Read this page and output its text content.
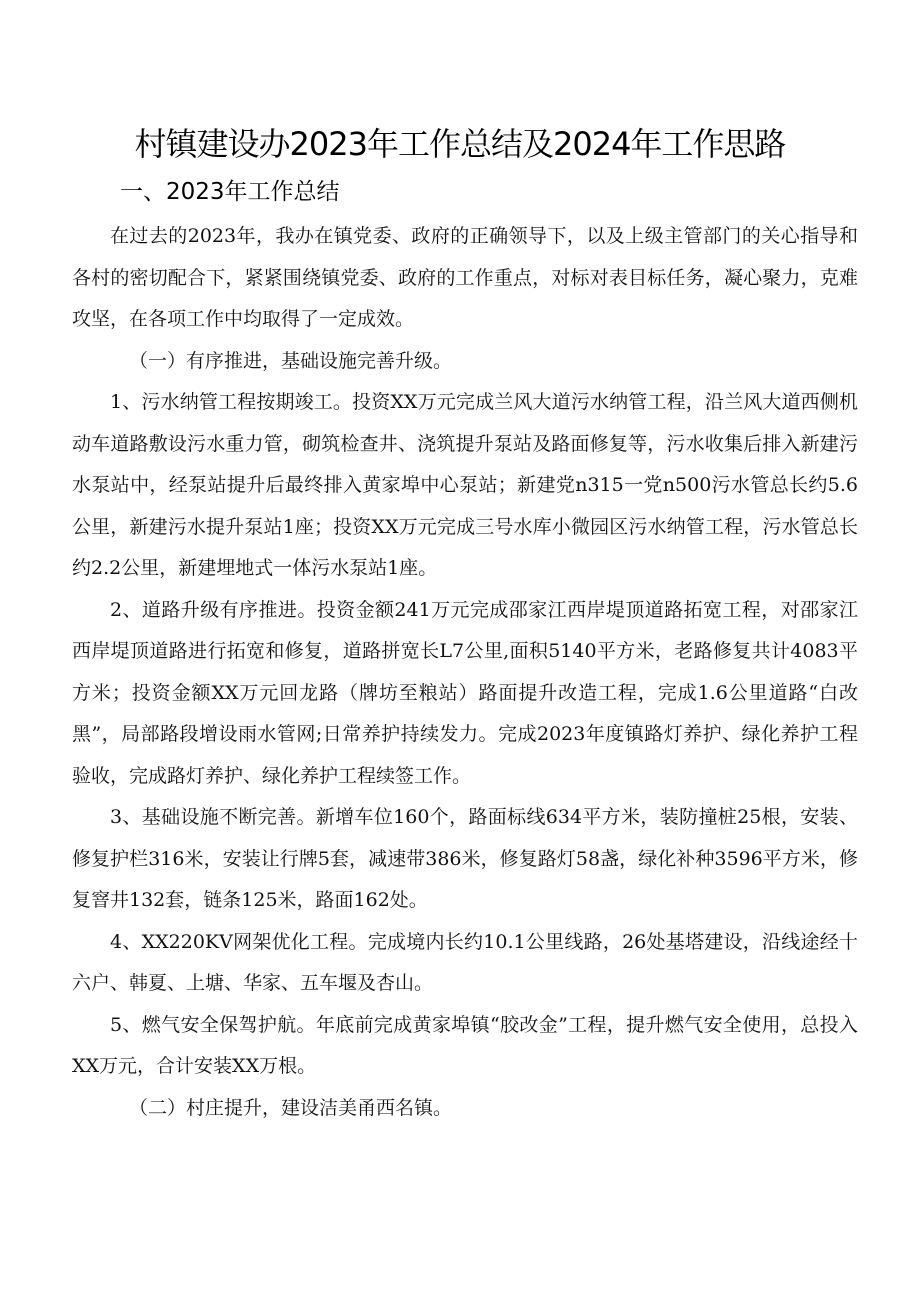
村镇建设办2023年工作总结及2024年工作思路
一、2023年工作总结

在过去的2023年，我办在镇党委、政府的正确领导下，以及上级主管部门的关心指导和各村的密切配合下，紧紧围绕镇党委、政府的工作重点，对标对表目标任务，凝心聚力，克难攻坚，在各项工作中均取得了一定成效。

（一）有序推进，基础设施完善升级。

1、污水纳管工程按期竣工。投资XX万元完成兰风大道污水纳管工程，沿兰风大道西侧机动车道路敷设污水重力管，砌筑检查井、浇筑提升泵站及路面修复等，污水收集后排入新建污水泵站中，经泵站提升后最终排入黄家埠中心泵站；新建党n315一党n500污水管总长约5.6公里，新建污水提升泵站1座；投资XX万元完成三号水库小微园区污水纳管工程，污水管总长约2.2公里，新建埋地式一体污水泵站1座。

2、道路升级有序推进。投资金额241万元完成邵家江西岸堤顶道路拓宽工程，对邵家江西岸堤顶道路进行拓宽和修复，道路拼宽长L7公里,面积5140平方米，老路修复共计4083平方米；投资金额XX万元回龙路（牌坊至粮站）路面提升改造工程，完成1.6公里道路“白改黑”，局部路段增设雨水管网;日常养护持续发力。完成2023年度镇路灯养护、绿化养护工程验收，完成路灯养护、绿化养护工程续签工作。

3、基础设施不断完善。新增车位160个，路面标线634平方米，装防撞桩25根，安装、修复护栏316米，安装让行牌5套，减速带386米，修复路灯58盏，绿化补种3596平方米，修复窨井132套，链条125米，路面162处。

4、XX220KV网架优化工程。完成境内长约10.1公里线路，26处基塔建设，沿线途经十六户、韩夏、上塘、华家、五车堰及杏山。

5、燃气安全保驾护航。年底前完成黄家埠镇“胶改金”工程，提升燃气安全使用，总投入XX万元，合计安装XX万根。

（二）村庄提升，建设洁美甬西名镇。
